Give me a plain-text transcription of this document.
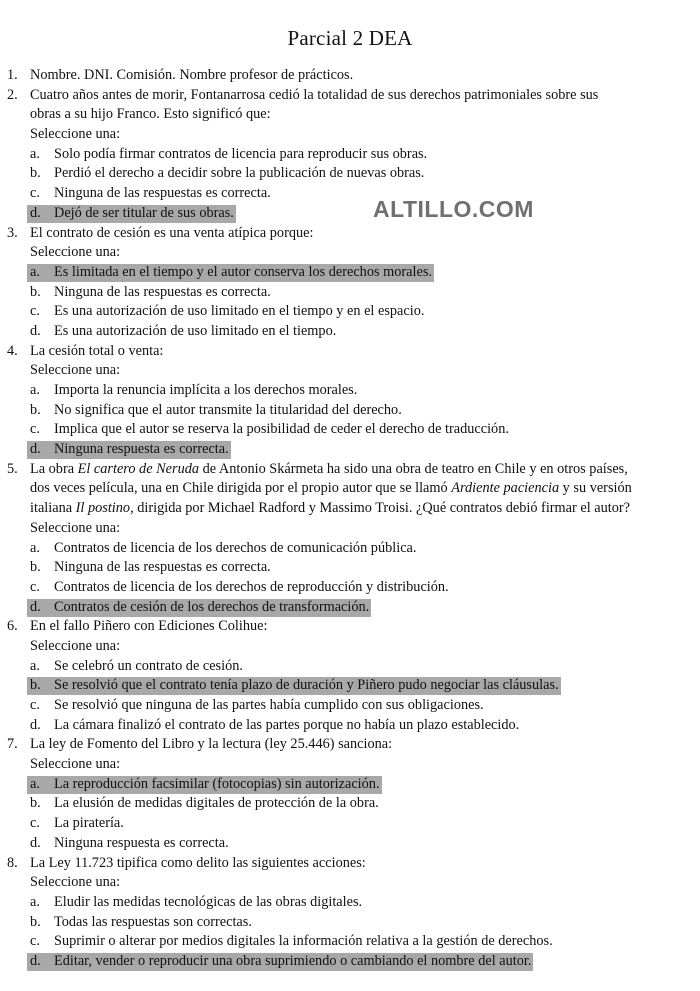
Parcial 2 DEA
ALTILLO.COM
1. Nombre. DNI. Comisión. Nombre profesor de prácticos.
2. Cuatro años antes de morir, Fontanarrosa cedió la totalidad de sus derechos patrimoniales sobre sus
obras a su hijo Franco. Esto significó que:
Seleccione una:
a. Solo podía firmar contratos de licencia para reproducir sus obras.
b. Perdió el derecho a decidir sobre la publicación de nuevas obras.
c. Ninguna de las respuestas es correcta.
d. Dejó de ser titular de sus obras.
3. El contrato de cesión es una venta atípica porque:
Seleccione una:
a. Es limitada en el tiempo y el autor conserva los derechos morales.
b. Ninguna de las respuestas es correcta.
c. Es una autorización de uso limitado en el tiempo y en el espacio.
d. Es una autorización de uso limitado en el tiempo.
4. La cesión total o venta:
Seleccione una:
a. Importa la renuncia implícita a los derechos morales.
b. No significa que el autor transmite la titularidad del derecho.
c. Implica que el autor se reserva la posibilidad de ceder el derecho de traducción.
d. Ninguna respuesta es correcta.
5. La obra El cartero de Neruda de Antonio Skármeta ha sido una obra de teatro en Chile y en otros países,
dos veces película, una en Chile dirigida por el propio autor que se llamó Ardiente paciencia y su versión
italiana Il postino, dirigida por Michael Radford y Massimo Troisi. ¿Qué contratos debió firmar el autor?
Seleccione una:
a. Contratos de licencia de los derechos de comunicación pública.
b. Ninguna de las respuestas es correcta.
c. Contratos de licencia de los derechos de reproducción y distribución.
d. Contratos de cesión de los derechos de transformación.
6. En el fallo Piñero con Ediciones Colihue:
Seleccione una:
a. Se celebró un contrato de cesión.
b. Se resolvió que el contrato tenía plazo de duración y Piñero pudo negociar las cláusulas.
c. Se resolvió que ninguna de las partes había cumplido con sus obligaciones.
d. La cámara finalizó el contrato de las partes porque no había un plazo establecido.
7. La ley de Fomento del Libro y la lectura (ley 25.446) sanciona:
Seleccione una:
a. La reproducción facsimilar (fotocopias) sin autorización.
b. La elusión de medidas digitales de protección de la obra.
c. La piratería.
d. Ninguna respuesta es correcta.
8. La Ley 11.723 tipifica como delito las siguientes acciones:
Seleccione una:
a. Eludir las medidas tecnológicas de las obras digitales.
b. Todas las respuestas son correctas.
c. Suprimir o alterar por medios digitales la información relativa a la gestión de derechos.
d. Editar, vender o reproducir una obra suprimiendo o cambiando el nombre del autor.
